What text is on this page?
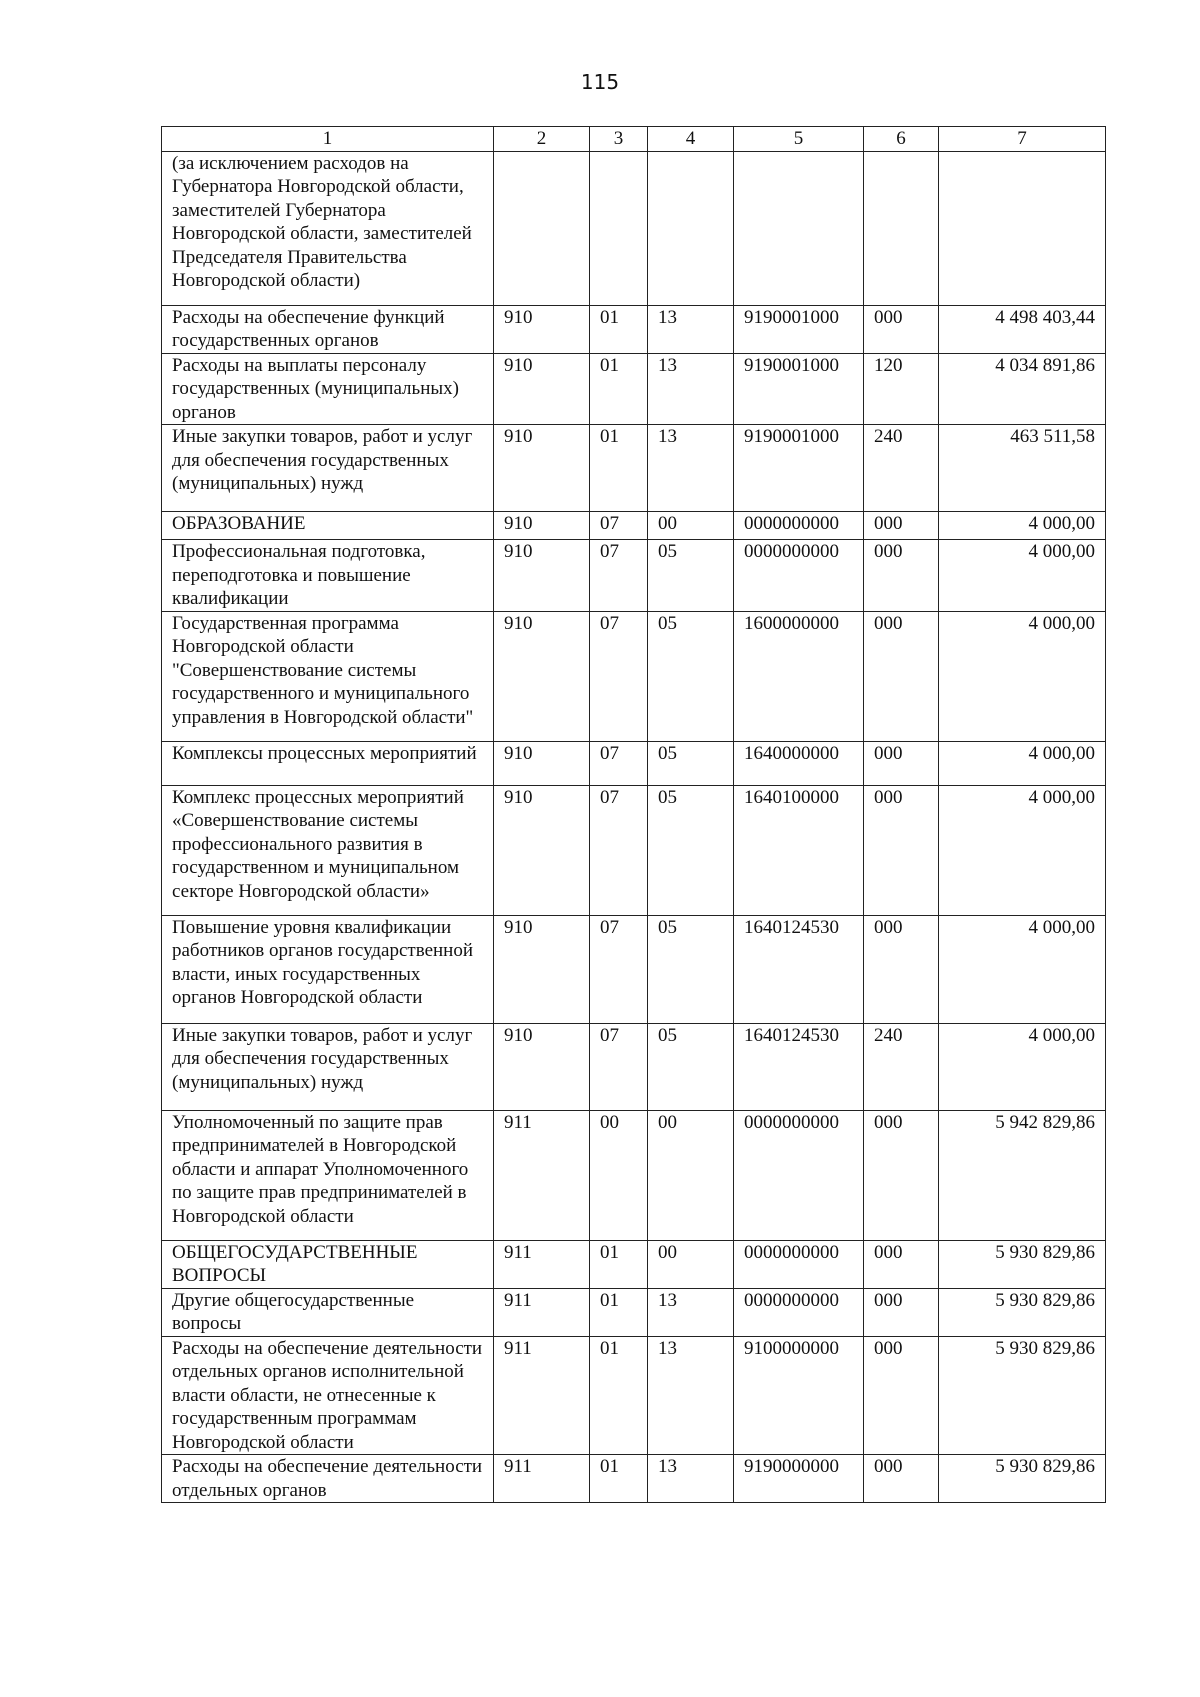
115
1	2	3	4	5	6	7
(за исключением расходов на Губернатора Новгородской области, заместителей Губернатора Новгородской области, заместителей Председателя Правительства Новгородской области)						
Расходы на обеспечение функций государственных органов	910	01	13	9190001000	000	4 498 403,44
Расходы на выплаты персоналу государственных (муниципальных) органов	910	01	13	9190001000	120	4 034 891,86
Иные закупки товаров, работ и услуг для обеспечения государственных (муниципальных) нужд	910	01	13	9190001000	240	463 511,58
ОБРАЗОВАНИЕ	910	07	00	0000000000	000	4 000,00
Профессиональная подготовка, переподготовка и повышение квалификации	910	07	05	0000000000	000	4 000,00
Государственная программа Новгородской области "Совершенствование системы государственного и муниципального управления в Новгородской области"	910	07	05	1600000000	000	4 000,00
Комплексы процессных мероприятий	910	07	05	1640000000	000	4 000,00
Комплекс процессных мероприятий «Совершенствование системы профессионального развития в государственном и муниципальном секторе Новгородской области»	910	07	05	1640100000	000	4 000,00
Повышение уровня квалификации работников органов государственной власти, иных государственных органов Новгородской области	910	07	05	1640124530	000	4 000,00
Иные закупки товаров, работ и услуг для обеспечения государственных (муниципальных) нужд	910	07	05	1640124530	240	4 000,00
Уполномоченный по защите прав предпринимателей в Новгородской области и аппарат Уполномоченного по защите прав предпринимателей в Новгородской области	911	00	00	0000000000	000	5 942 829,86
ОБЩЕГОСУДАРСТВЕННЫЕ ВОПРОСЫ	911	01	00	0000000000	000	5 930 829,86
Другие общегосударственные вопросы	911	01	13	0000000000	000	5 930 829,86
Расходы на обеспечение деятельности отдельных органов исполнительной власти области, не отнесенные к государственным программам Новгородской области	911	01	13	9100000000	000	5 930 829,86
Расходы на обеспечение деятельности отдельных органов	911	01	13	9190000000	000	5 930 829,86
